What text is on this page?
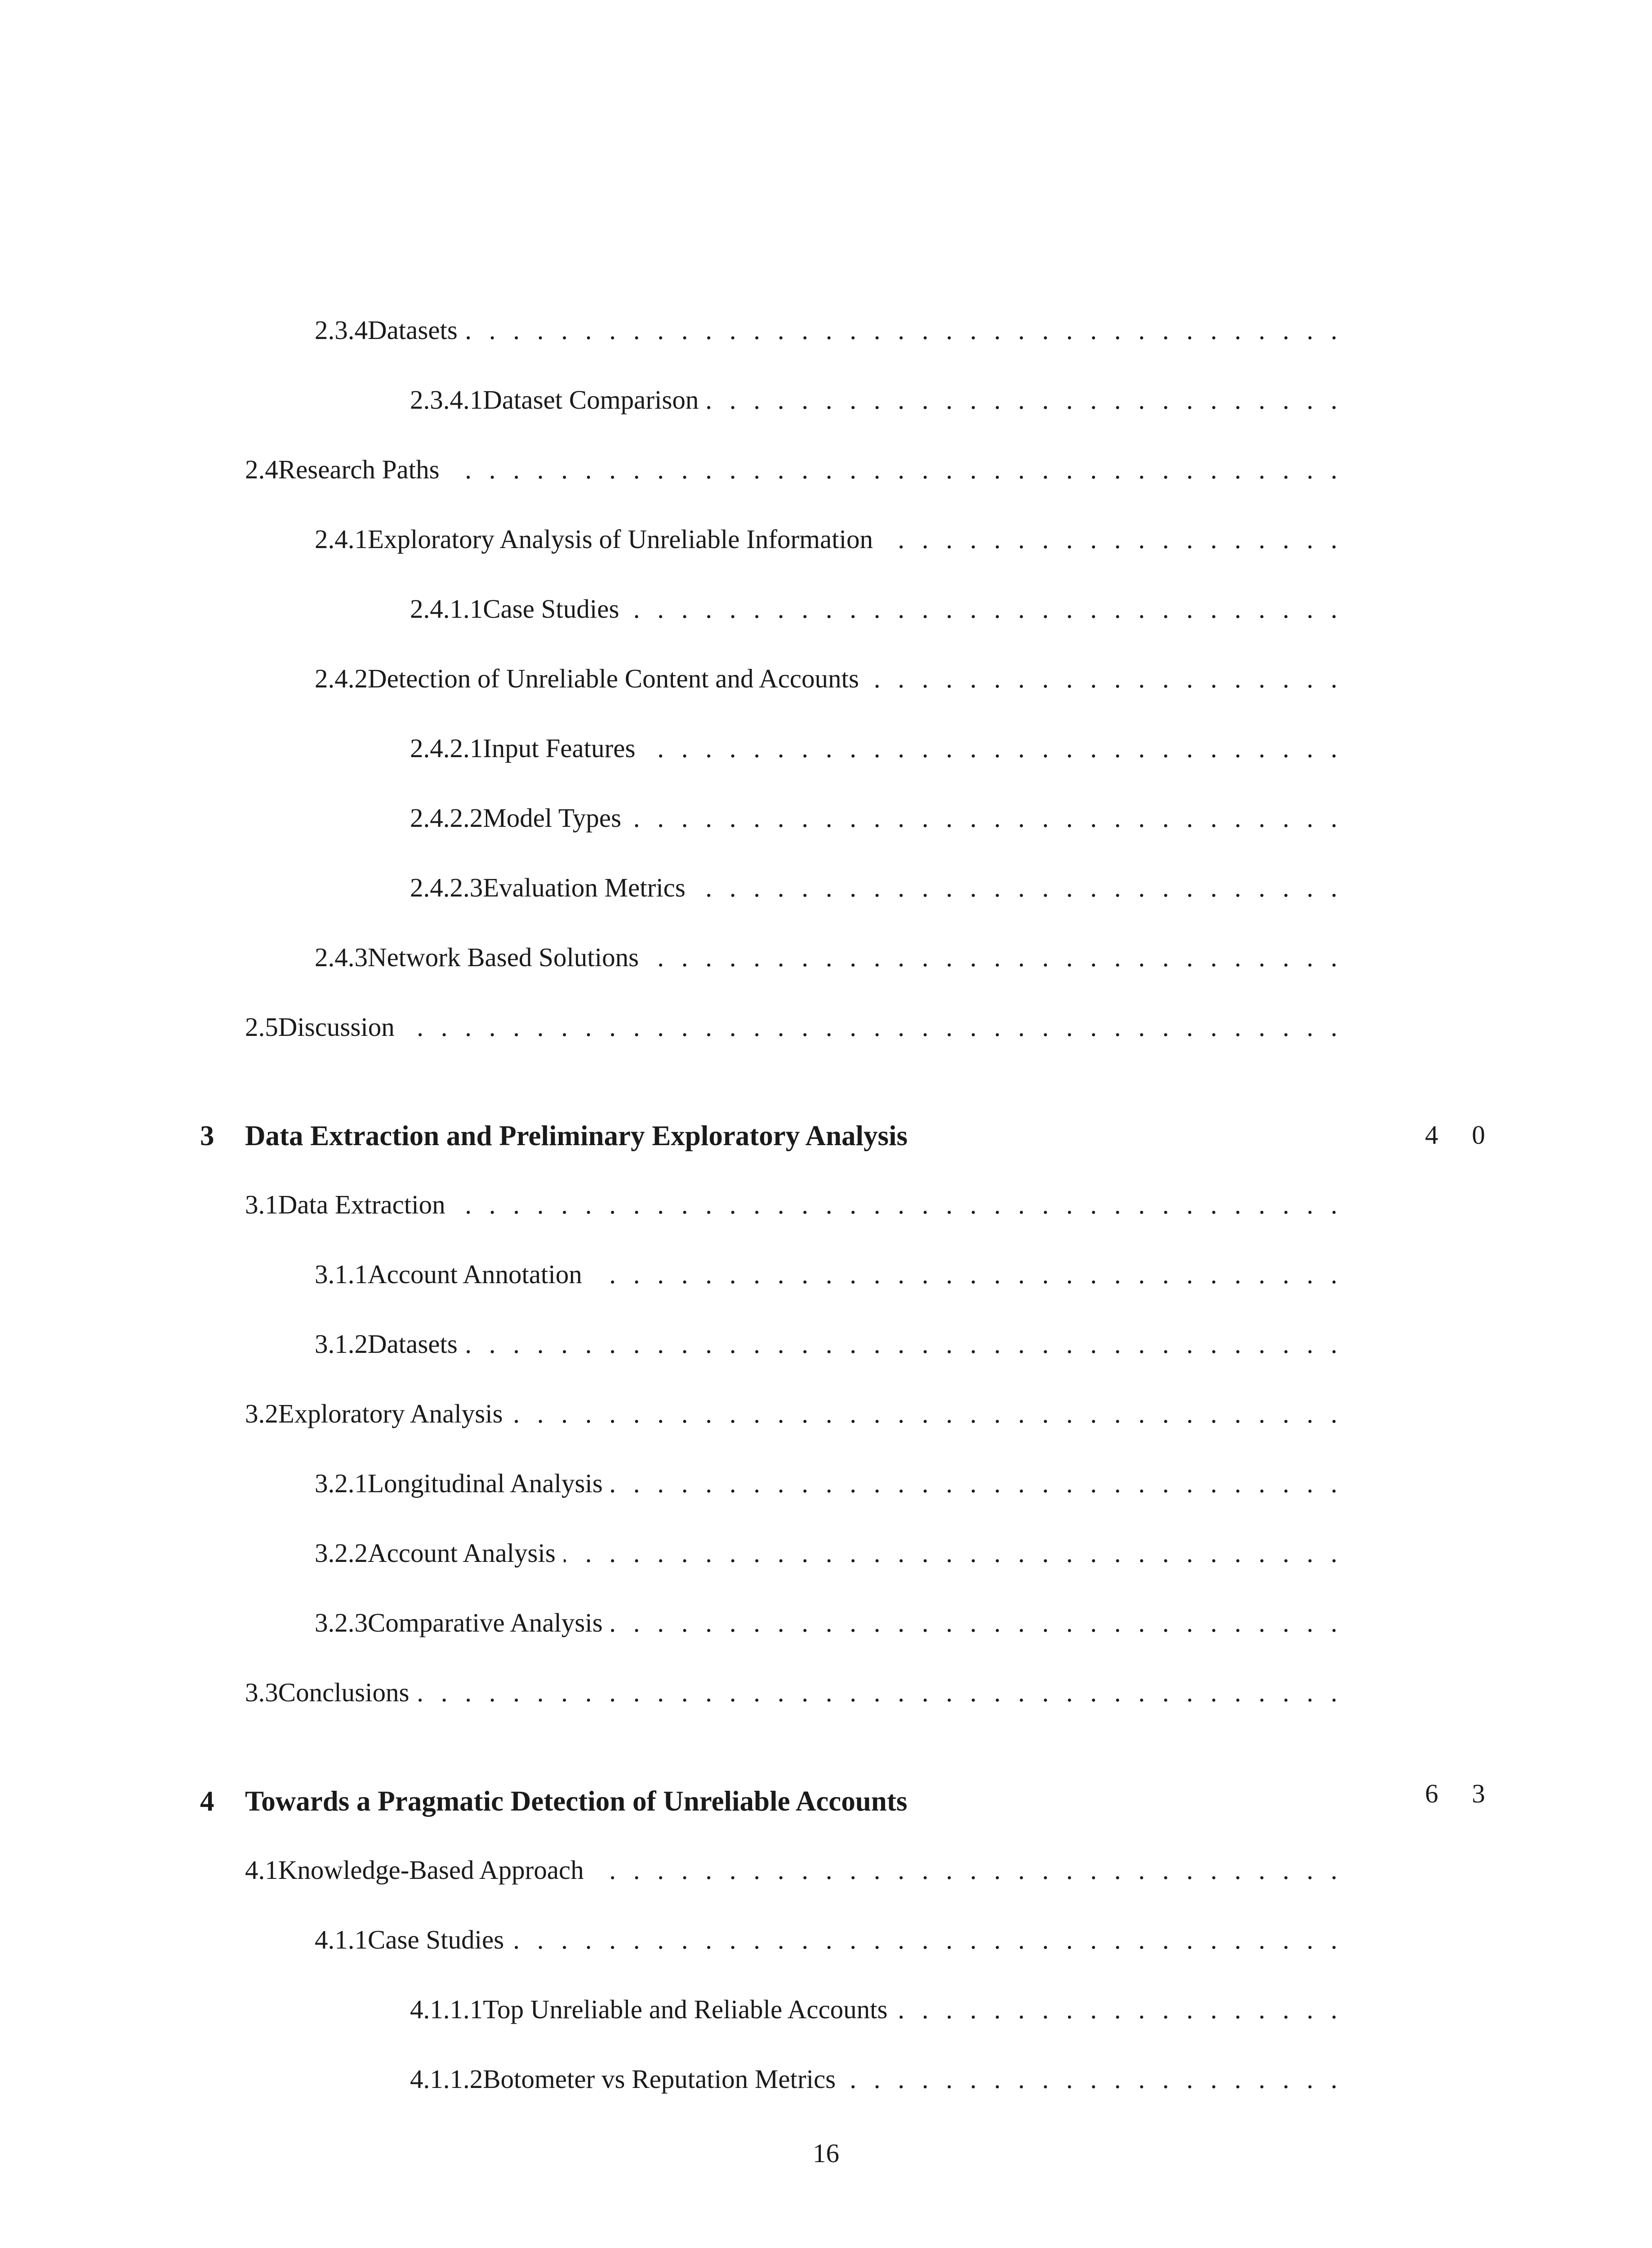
2.3.4 Datasets
. . .
2.3.4.1 Dataset Comparison
. . .
2.4 Research Paths
. . .
2.4.1 Exploratory Analysis of Unreliable Information
. . .
2.4.1.1 Case Studies
. . .
2.4.2 Detection of Unreliable Content and Accounts
. . .
2.4.2.1 Input Features
. . .
2.4.2.2 Model Types
. . .
2.4.2.3 Evaluation Metrics
. . .
2.4.3 Network Based Solutions
. . .
2.5 Discussion
. . .
3	Data Extraction and Preliminary Exploratory Analysis	4 0
3.1 Data Extraction
. . .
3.1.1 Account Annotation
. . .
3.1.2 Datasets
. . .
3.2 Exploratory Analysis
. . .
3.2.1 Longitudinal Analysis
. . .
3.2.2 Account Analysis
. . .
3.2.3 Comparative Analysis
. . .
3.3 Conclusions
. . .
4	Towards a Pragmatic Detection of Unreliable Accounts	6 3
4.1 Knowledge-Based Approach
. . .
4.1.1 Case Studies
. . .
4.1.1.1 Top Unreliable and Reliable Accounts
. . .
4.1.1.2 Botometer vs Reputation Metrics
. . .
16
